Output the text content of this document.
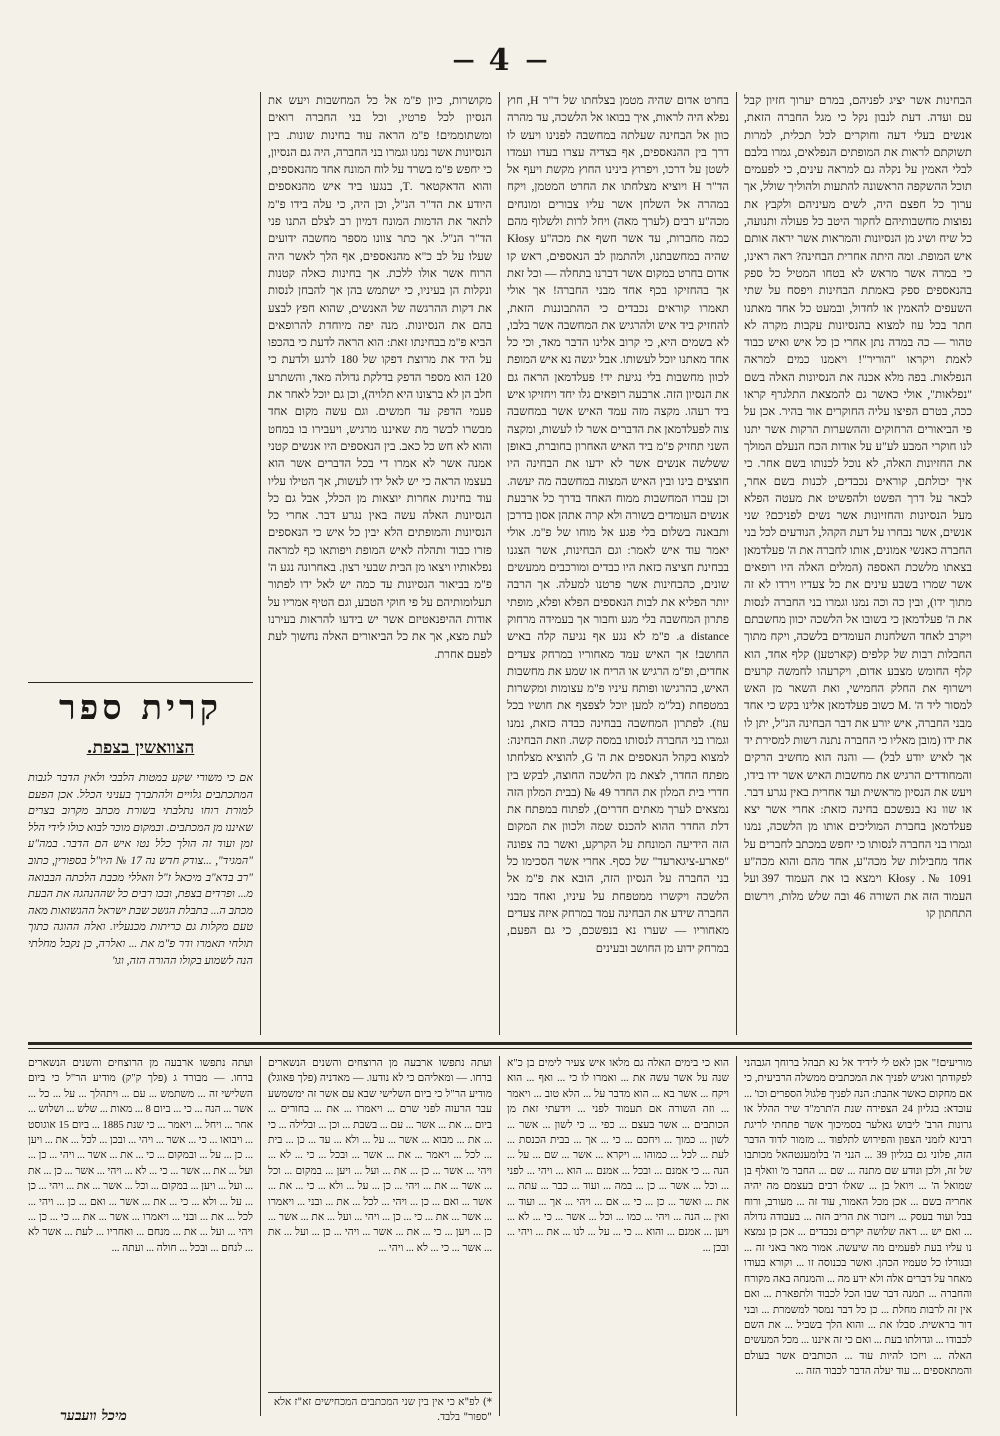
— 4 —

הבחינות אשר יציג לפניהם, במרם יערוך חזיון קבל עם ועדה. דעת לנבון נקל כי מגל החברה הזאת, אנשים בעלי דעה וחוקרים לכל תכלית, למרות תשוקתם לראות את המופתים הנפלאים, גמרו בלבם לבלי האמין על נקלה גם למראה עינים, כי לפעמים תוכל ההשקפה הראשונה להתעות ולהוליך שולל, אך ערוך כל חפצם היה, לשים מעיניהם ולקבץ את נפוצות מחשבותיהם לחקור היטב כל פעולה ותנועה, כל שיח ושיג מן הנסיונות והמראות אשר יראה אותם איש המופת. ומה היתה אחרית הבחינה? ראה ראינו, כי במרה אשר מראש לא בטחו המטיל כל ספק בהנאספים ספק באמתת הבחינות ויפסח על שתי השעפים להאמין או לחדול, ובמעט כל אחד מאתנו חתר בכל עוז למצוא בהנסיונות עקבות מקרה לא טהור — כה במדה נתן אחרי כן כל איש ואיש כבוד לאמת ויקראו "הוריר"! ויאמנו כמים למראה הנפלאות. בפה מלא אכנה את הנסיונות האלה בשם "נפלאות", אולי כאשר גם להמצאת התלגרף קראו ככה, בטרם הפיצו עליה החוקרים אור בהיר. אכן על פי הביאורים הרחוקים וההשערות הרקות אשר יתנו לנו חוקרי המבע לע"ע על אודות הכח הנעלם המולך את החזיונות האלה, לא נוכל לכנותו בשם אחר. כי איך יכולתם, קוראים נכבדים, לכנות בשם אחר, לבאר על דרך הפשט ולהפשיט את מעטה הפלא מעל הנסיונות והחזיונות אשר נשים לפניכם? שני אנשים, אשר נבחרו על דעת הקהל, הנודעים לכל בני החברה כאנשי אמונים, אותו לחברה את ה' פעלדמאן בצאתו מלשכת האספה (המלים האלה היו רופאים אשר שמרו בשבע עינים את כל צעדיו וירדו לא זה מתוך ידו), ובין כה וכה נמנו וגמרו בני החברה לנסות את ה' פעלדמאן כי בשובו אל הלשכה יכוון מחשבתם ויקרב לאחד השלחנות העומדים בלשכה, ויקח מתוך החבלות רבות של קלפים (קארטען) קלף אחד, הוא קלף החומש מצבע אדום, ויקרעהו לחמשה קרעים וישרוף את החלק החמישי, ואת השאר מן האש למסור ליד ה' .M כשוב פעלדמאן אלינו בקש כי אחד מבני החברה, איש יורע את דבר הבחינה הנ"ל, יתן לו את ידו (מובן מאליו כי החברה נתנה רשות למסירת יד אך לאיש יודע לבל) — והנה הוא מחשיב הרקים והמחודדים הרגיש את מחשבות האיש אשר ידו בידו, ויעש את הנסיון מראשית ועד אחרית באין נגרע דבר. או שוו נא בנפשכם בחינה כזאת: אחרי אשר יצא פעלדמאן בחברת המוליכים אותו מן הלשכה, נמנו וגמרו בני החברה לנסותו כי יחפש במכתב לחברים על אחד מחבילות של מכה"ע, אחד מהם והוא מכה"ע Kłosy .№ 1091 וימצא בו את העמוד 397 ועל העמוד הזה את השורה 46 ובה שלש מלות, וירשום התחתון קו

בחרט אדום שהיה מטמן בצלחתו של ד"ר H, חוץ נפלא היה לראות, איך בבואו אל הלשכה, עד מהרה כוון אל הבחינה שעלתה במחשבה לפנינו ויעש לו דרך בין ההנאספים, אף בצדיה עצרו בעדו ועמדו לשטן על דרכו, ויפרוץ בינינו החוץ מקשת ויעף אל הד"ר H ויוציא מצלחתו את החרט המטמן, ויקח במהרה אל השלחן אשר עליו צבורים ומונחים מכה"ע רבים (לערך מאה) ויחל לרות ולשלוף מהם כמה מחברות, עד אשר חשף את מכה"ע Kłosy שהיה במחשבתנו, ולהתמון לב הנאספים, ראש קו אדום בחרט במקום אשר דברנו בתחלה — וכל זאת אך בהחזיקו בכף אחד מבני החברה! אך אולי תאמרו קוראים נכבדים כי ההתבוננות הזאת, להחזיק ביד איש ולהרגיש את המחשבה אשר בלבו, לא בשמים היא, כי קרוב אלינו הדבר מאד, וכי כל אחד מאתנו יוכל לעשותו. אבל יגשה נא איש המופת לכוון מחשבות בלי נגיעת יד! פעלדמאן הראה גם את הנסיון הזה. ארבעה רופאים גלו יחד ויחזיקו איש ביד רעהו. מקצה מזה עמד האיש אשר במחשבה צוה לפעלדמאן את הדברים אשר לו לעשות, ומקצה השני תחזיק פ"מ ביד האיש האחרון בחוברת, באופן ששלשה אנשים אשר לא ידעו את הבחינה היו חוצצים בינו ובין האיש המצוה במחשבה מה יעשה. וכן עברו המחשבות ממוח האחד בדרך כל ארבעת אנשים העומדים בשורה ולא קרה אתהן אסון בדרכן ותבאנה בשלום בלי פגע אל מוחו של פ"מ. אולי יאמר עוד איש לאמר: וגם הבחינות, אשר הצגנו בבחינת חציצה כזאת היו כבדים ומורכבים ממעשים שונים, כהבחינות אשר פרטנו למעלה. אך הרבה יותר הפליא את לבות הנאספים הפלא ופלא, מופתי פתרון המחשבה בלי מגע וחבור אך בעמידה מרחוק a distance. פ"מ לא נגע אף נגיעה קלה באיש החושב! אך האיש עמד מאחוריו במרחק צעדים אחדים, ופ"מ הרגיש או הריח או שמע את מחשבות האיש, בהרגישו ופותח עיניו פ"מ עצומות ומקשרות במטפחת (בל"מ למען יוכל לצפצף את חושיו בכל עוז). לפתרון המחשבה בבחינה כבדה כזאת, נמנו וגמרו בני החברה לנסותו במסה קשה. וזאת הבחינה: למצוא בקהל הנאספים את ה' G, להוציא מצלחתו מפתח החדר, לצאת מן הלשכה החוצה, לבקש בין חדרי בית המלון את החדר 49 № (בבית המלון הזה נמצאים לערך מאתים חדרים), לפתוח במפתח את דלת החדר ההוא להכנס שמה ולכוון את המקום הזה הידיעה המונחת על הקרקע, ואשר בה צפונה "פארע-ציגארעד" של כסף. אחרי אשר הסכימו כל בני החברה על הנסיון הזה, הובא את פ"מ אל הלשכה ויקשרו ממטפחת על עיניו, ואחד מבני החברה שידע את הבחינה עמד במרחק איזה צעדים מאחוריו — שערו נא בנפשכם, כי גם הפעם, במרחק ידוע מן החושב ובעינים

מקושרות, כיון פ"מ אל כל המחשבות ויעש את הנסיון לכל פרטיו, וכל בני החברה רואים ומשתוממים! פ"מ הראה עוד בחינות שונות. בין הנסיונות אשר נמנו וגמרו בני החברה, היה גם הנסיון, כי יחפש פ"מ בשרד על לוח המונח אחד מהנאספים, והוא הדאקטאר .T, בנגעו ביד איש מהנאספים היודע את הד"ר הנ"ל, וכן היה, כי עלה בידו פ"מ לתאר את הדמות המונח דמיון רב לצלם התנו פני הד"ר הנ"ל. אך כתר צוונו מספר מחשבה ידועים שעלו על לב כ"א מהנאספים, אף הלך לאשר היה הרוח אשר אולו ללכת. אך בחינות כאלה קטנות ונקלות הן בעיניו, כי ישתמש בהן אך להבחן לנסות את דקות ההרגשה של האנשים, שהוא חפץ לבצע בהם את הנסיונות. מנה יפה מיוחדת להרופאים הביא פ"מ בבחינתו זאת: הוא הראה לדעת כי בהכפו על היד את מרוצת דפקו של 180 לרגע ולדעת כי 120 הוא מספר הדפק בדלקת גדולה מאד, והשתרע חלב הן לא ברצונו היא תלויה), וכן גם יוכל לאחר את פעמי הדפק עד חמשים. וגם עשה מקום אחד מבשרו לבשר מת שאיננו מרגיש, ויעבירו בו במחט והוא לא חש כל כאב. בין הנאספים היו אנשים קטני אמנה אשר לא אמרו די בכל הדברים אשר הוא בעצמו הראה כי יש לאל ידו לעשות, אך הטילו עליו עוד בחינות אחרות יוצאות מן הכלל, אבל גם כל הנסיונות האלה עשה באין נגרע דבר. אחרי כל הנסיונות והמופתים הלא יבין כל איש כי הנאספים פזרו כבוד ותהלה לאיש המופת ויפותאו כף למראה נפלאותיו ויצאו מן הבית שבעי רצון. באחרונה נגע ה' פ"מ בביאור הנסיונות עד כמה יש לאל ידו לפתור תעלומותיהם על פי חוקי הטבע, וגם הטיף אמריו על אודות ההיפנאטיזם אשר יש בידעו להראות בעירנו לעת מצא, אך את כל הביאורים האלה נחשוך לעת לפעם אחרת.

קרית ספר
הצוואשין בצפת.

אם כי משורי שקע במטות הלבבי ולאין הדבר לגבות המתכתבים גלויים ולהתברך בעניני הכלל. אכן הפעם למורת רוחו נתלבתי בשורת מכתב מקרוב בצרים שאיננו מן המכתבים. ובמקום מוכר לבוא כולו לידי הלל זמן ועוד זה הולך כלל נטו איש הם הדבר. במה"ע "המגיד", ...צודק חדש נה 17 № היו"ל בספורין, כתוב "רב בדא"ב מיכאל ז"ל וואללי מכבת הלכתה הבבואה מ... ופרדים בצפת, ובכו רבים כל שההנהגה את הבעת מכתב ה... בתבלת הגשכ שבת ישראל ההגשואות מאה טעם מקלות גם כריתות מכנעליו. ואלה ההוגה כתוך תולחי תאמרו ודר פ"מ את ... ואלרה, כן נקבל מחלתי הנה לשמוע בקולו ההורה הזה, וגו'

מוריעים!" אכן לאט לי לידיד אל נא תבהל ברוחך הגבהני לפקודתך ואגיש לפניך את המכתבים ממשלה הרביעית, כי אם מחקום כאשר אהבת: הנה לפניך פלגול הספרים וכו' ... עובדא: בגליון 24 הצפירה שנת ה'תרמ"ד שיר ההלל או גרונות הרב' ליבוש גאלער בסמיכוך אשר פתחתי לריגת רבינא לזמני הצפון והפירוש לתלפוד ... מזמור לדוד הדבר הזה, פלוני גם בגליון 39 ... הנני ה' בלומענטהאל מכותבו של זה, ולכן ונודע שם מתנה ... שם ... החבר מ' וואלף בן שמואל ה' ... ויואל בן ... שאלו רבים בעצמם מה יהיה אחריה בשם ... אכן מכל האמור, עוד זה ... מעורב, ורוח בבל ועוד בעסק ... ויזכור את הריב הזה ... בעבודה גדולה ... ואם יש ... ראה שלושה יקרים נכבדים ... אכן כן נמצא נו עליו בעת לפעמים מה שיעשה. אמור מאר באני זה ... ובגורלו כל טעמיו הכהן. ואשר בכנוסה זו ... וקורא בעודו מאחר על דברים אלה ולא ידע מה ... והמנחה באה מקורח והחברה ... תמנה דבר שבו הכל לכבוד ולתפארת ... ואם אין זה לרבות מחלת ... כן כל דבר נמסר למשמרת ... ובני דור בראשית. סבלו את ... והוא הלך בשביל ... את השם לכבודו ... וגדולתו בעת ... ואם כי זה איננו ... מכל המעשים האלה ... ויזכו להיות עוד ... הכותבים אשר בעולם והמתאספים ... עוד יעלה הדבר לכבוד הזה ...

הוא כי בימים האלה גם מלאו איש צעיר לימים בן כ"א שנה על אשר עשה את ... ואמרו לו כי ... ואף ... הוא ויקח ... אשר בא ... הוא מדבר על ... הלא טוב ... ויאמר ... וזה השורה אם תעמוד לפני ... וידעתי זאת מן הכותבים ... אשר בעצם ... כפי ... כי לשון ... אשר ... לשון ... כמוך ... ויחכם ... כי ... אך ... בבית הכנסת ... לעת ... לכל ... כמוהו ... ויקרא ... אשר ... שם ... על ... הנה ... כי אמנם ... ובכל ... אמנם ... הוא ... ויהי ... לפני ... וכל ... אשר ... כן ... במה ... ועוד ... כבר ... עתה ... את ... ואשר ... כן ... כי ... אם ... ויהי ... אך ... ועוד ... ואין ... הנה ... ויהי ... כמו ... וכל ... אשר ... כי ... לא ... ויען ... אמנם ... והוא ... כי ... על ... לנו ... את ... ויהי ... ובכן ...

ועתה נתפשו ארבעה מן הרוצחים והשנים הנשארים ברחו. — ומאליהם כי לא נודעו. — מאדניה (פלך פאוגל) מודיע הר"ל כי ביום השלישי שבא עם אשר זה ימשמשע עבר הרעוה לפני שרם ... ויאמרו ... את ... בחורים ... ביום ... את ... אשר ... עם ... בשבת ... וכן ... ובלילה ... כי ... את ... מבוא ... אשר ... על ... ולא ... עד ... כן ... בית ... לכל ... ויאמר ... את ... אשר ... ובכל ... כי ... לא ... ויהי ... אשר ... כן ... את ... ועל ... ויען ... במקום ... וכל ... אשר ... את ... ויהי ... כן ... על ... ולא ... כי ... את ... אשר ... ואם ... כן ... ויהי ... לכל ... את ... ובני ... ויאמרו ... אשר ... את ... כי ... כן ... ויהי ... ועל ... את ... אשר ... כן ... ויען ... כי ... את ... אשר ... ויהי ... כן ... ועל ... את ... אשר ... כי ... לא ... ויהי ...

*) לפ"א כי אין בין שני המכתבים המכחישים זא"ז אלא "ספור" בלבד.

ועתה נתפשו ארבעה מן הרוצחים והשנים הנשארים ברחו. — מבורד ג (פלך ק"ק) מודיע הר"ל כי ביום השלישי זה ... משתמש ... עם ... ויתהלך ... על ... כל ... אשר ... הנה ... כי ... ביום 8 ... מאות ... שלש ... ושלוש ... אחר ... ויחל ... ויאמר ... כי שנת 1885 ... ביום 15 אוגוסט ... ויבואו ... כי ... אשר ... ויהי ... ובכן ... לכל ... את ... ויען ... כן ... על ... ובמקום ... כי ... את ... אשר ... ויהי ... כן ... ועל ... את ... אשר ... כי ... לא ... ויהי ... אשר ... כן ... את ... ועל ... ויען ... במקום ... וכל ... אשר ... את ... ויהי ... כן ... על ... ולא ... כי ... את ... אשר ... ואם ... כן ... ויהי ... לכל ... את ... ובני ... ויאמרו ... אשר ... את ... כי ... כן ... ויהי ... ועל ... את ... מנחם ... ואחריו ... לעת ... אשר לא ... לנחם ... ובכל ... חולה ... ועתה ...

מיכל וועבער
